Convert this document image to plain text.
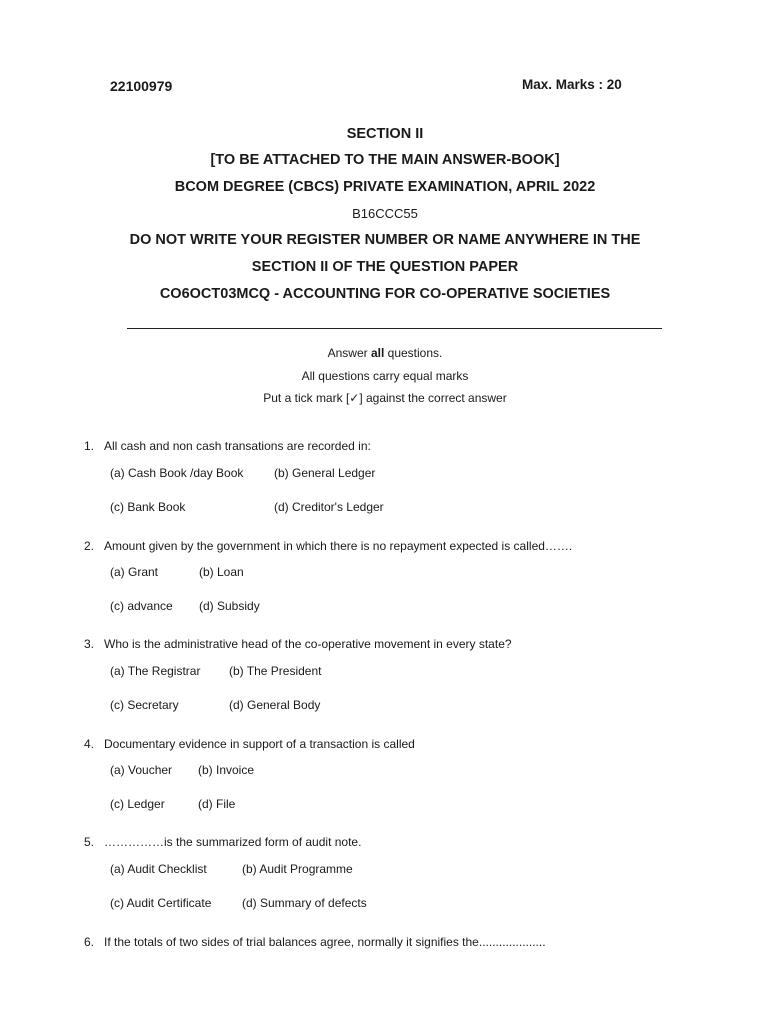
22100979	Max. Marks : 20
SECTION II
[TO BE ATTACHED TO THE MAIN ANSWER-BOOK]
BCOM DEGREE (CBCS) PRIVATE EXAMINATION, APRIL 2022
B16CCC55
DO NOT WRITE YOUR REGISTER NUMBER OR NAME ANYWHERE IN THE
SECTION II OF THE QUESTION PAPER
CO6OCT03MCQ - ACCOUNTING FOR CO-OPERATIVE SOCIETIES
Answer all questions.
All questions carry equal marks
Put a tick mark [✓] against the correct answer
1. All cash and non cash transations are recorded in:
(a) Cash Book /day Book	(b) General Ledger
(c) Bank Book	(d) Creditor's Ledger
2. Amount given by the government in which there is no repayment expected is called…….
(a) Grant	(b) Loan
(c) advance (d) Subsidy
3. Who is the administrative head of the co-operative movement in every state?
(a) The Registrar (b) The President
(c) Secretary	(d) General Body
4. Documentary evidence in support of a transaction is called
(a) Voucher (b) Invoice
(c) Ledger	(d) File
5. ……………is the summarized form of audit note.
(a) Audit Checklist	(b) Audit Programme
(c) Audit Certificate	(d) Summary of defects
6. If the totals of two sides of trial balances agree, normally it signifies the....................
